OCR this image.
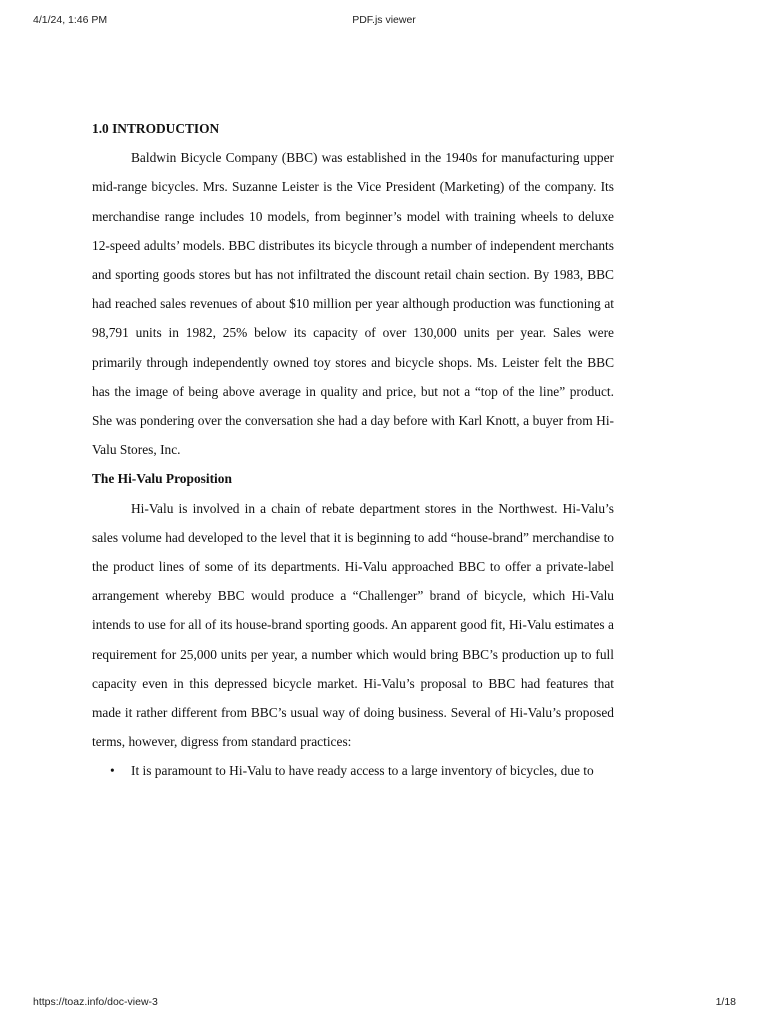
4/1/24, 1:46 PM	PDF.js viewer

1.0 INTRODUCTION

Baldwin Bicycle Company (BBC) was established in the 1940s for manufacturing upper mid-range bicycles. Mrs. Suzanne Leister is the Vice President (Marketing) of the company. Its merchandise range includes 10 models, from beginner’s model with training wheels to deluxe 12-speed adults’ models. BBC distributes its bicycle through a number of independent merchants and sporting goods stores but has not infiltrated the discount retail chain section. By 1983, BBC had reached sales revenues of about $10 million per year although production was functioning at 98,791 units in 1982, 25% below its capacity of over 130,000 units per year. Sales were primarily through independently owned toy stores and bicycle shops. Ms. Leister felt the BBC has the image of being above average in quality and price, but not a “top of the line” product. She was pondering over the conversation she had a day before with Karl Knott, a buyer from Hi-Valu Stores, Inc.

The Hi-Valu Proposition

Hi-Valu is involved in a chain of rebate department stores in the Northwest. Hi-Valu’s sales volume had developed to the level that it is beginning to add “house-brand” merchandise to the product lines of some of its departments. Hi-Valu approached BBC to offer a private-label arrangement whereby BBC would produce a “Challenger” brand of bicycle, which Hi-Valu intends to use for all of its house-brand sporting goods. An apparent good fit, Hi-Valu estimates a requirement for 25,000 units per year, a number which would bring BBC’s production up to full capacity even in this depressed bicycle market. Hi-Valu’s proposal to BBC had features that made it rather different from BBC’s usual way of doing business. Several of Hi-Valu’s proposed terms, however, digress from standard practices:

• It is paramount to Hi-Valu to have ready access to a large inventory of bicycles, due to
https://toaz.info/doc-view-3	1/18
